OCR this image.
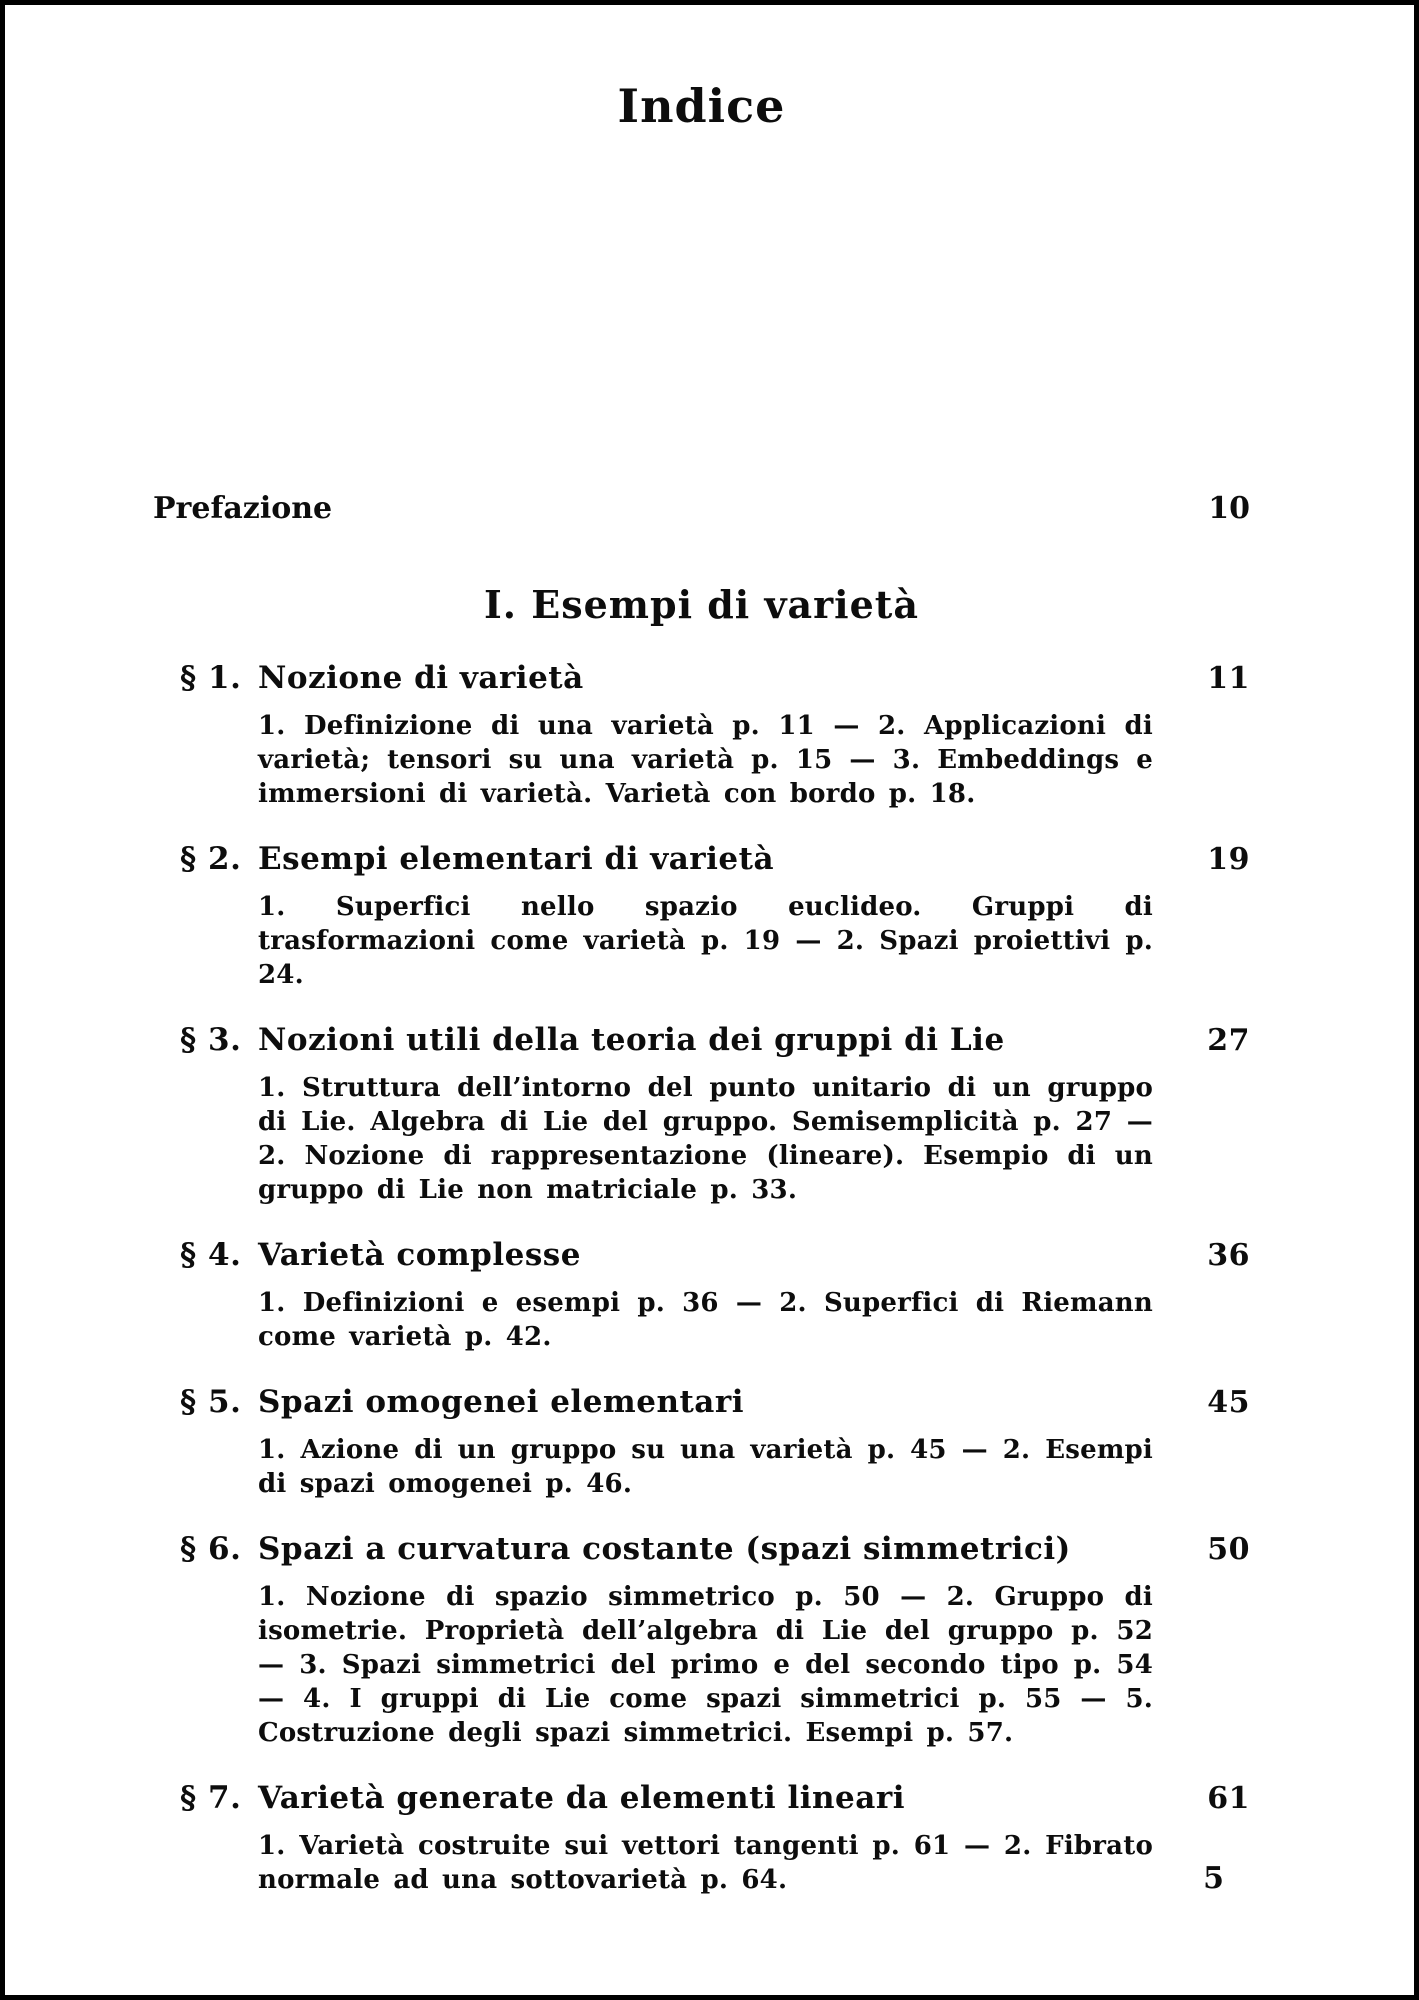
Indice
Prefazione	10
I. Esempi di varietà
§ 1. Nozione di varietà	11

1. Definizione di una varietà p. 11 — 2. Applicazioni di varietà; tensori su una varietà p. 15 — 3. Embeddings e immersioni di varietà. Varietà con bordo p. 18.

§ 2. Esempi elementari di varietà	19

1. Superfici nello spazio euclideo. Gruppi di trasformazioni come varietà p. 19 — 2. Spazi proiettivi p. 24.

§ 3. Nozioni utili della teoria dei gruppi di Lie	27

1. Struttura dell’intorno del punto unitario di un gruppo di Lie. Algebra di Lie del gruppo. Semisemplicità p. 27 — 2. Nozione di rappresentazione (lineare). Esempio di un gruppo di Lie non matriciale p. 33.

§ 4. Varietà complesse	36

1. Definizioni e esempi p. 36 — 2. Superfici di Riemann come varietà p. 42.

§ 5. Spazi omogenei elementari	45

1. Azione di un gruppo su una varietà p. 45 — 2. Esempi di spazi omogenei p. 46.

§ 6. Spazi a curvatura costante (spazi simmetrici)	50

1. Nozione di spazio simmetrico p. 50 — 2. Gruppo di isometrie. Proprietà dell’algebra di Lie del gruppo p. 52 — 3. Spazi simmetrici del primo e del secondo tipo p. 54 — 4. I gruppi di Lie come spazi simmetrici p. 55 — 5. Costruzione degli spazi simmetrici. Esempi p. 57.

§ 7. Varietà generate da elementi lineari	61

1. Varietà costruite sui vettori tangenti p. 61 — 2. Fibrato normale ad una sottovarietà p. 64.	5
